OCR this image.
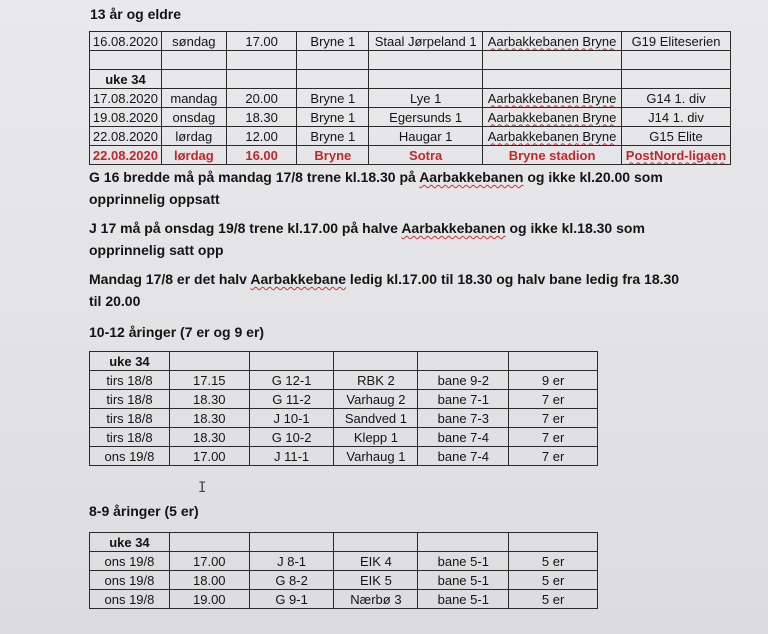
13 år og eldre
16.08.2020	søndag	17.00	Bryne 1	Staal Jørpeland 1	Aarbakkebanen Bryne	G19 Eliteserien

uke 34						
17.08.2020	mandag	20.00	Bryne 1	Lye 1	Aarbakkebanen Bryne	G14 1. div
19.08.2020	onsdag	18.30	Bryne 1	Egersunds 1	Aarbakkebanen Bryne	J14 1. div
22.08.2020	lørdag	12.00	Bryne 1	Haugar 1	Aarbakkebanen Bryne	G15 Elite
22.08.2020	lørdag	16.00	Bryne	Sotra	Bryne stadion	PostNord-ligaen
G 16 bredde må på mandag 17/8 trene kl.18.30 på Aarbakkebanen og ikke kl.20.00 som
opprinnelig oppsatt
J 17 må på onsdag 19/8 trene kl.17.00 på halve Aarbakkebanen og ikke kl.18.30 som
opprinnelig satt opp
Mandag 17/8 er det halv Aarbakkebane ledig kl.17.00 til 18.30 og halv bane ledig fra 18.30
til 20.00
10-12 åringer (7 er og 9 er)
uke 34					
tirs 18/8	17.15	G 12-1	RBK 2	bane 9-2	9 er
tirs 18/8	18.30	G 11-2	Varhaug 2	bane 7-1	7 er
tirs 18/8	18.30	J 10-1	Sandved 1	bane 7-3	7 er
tirs 18/8	18.30	G 10-2	Klepp 1	bane 7-4	7 er
ons 19/8	17.00	J 11-1	Varhaug 1	bane 7-4	7 er
I
8-9 åringer (5 er)
uke 34					
ons 19/8	17.00	J 8-1	EIK 4	bane 5-1	5 er
ons 19/8	18.00	G 8-2	EIK 5	bane 5-1	5 er
ons 19/8	19.00	G 9-1	Nærbø 3	bane 5-1	5 er
